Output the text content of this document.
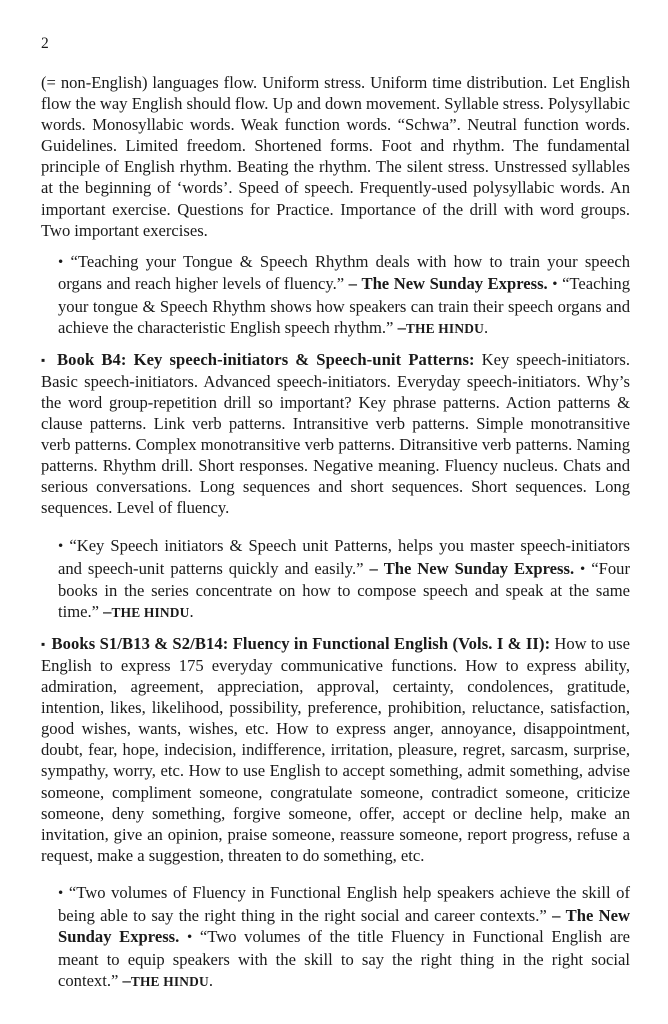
2

(= non-English) languages flow. Uniform stress. Uniform time distribution. Let English flow the way English should flow. Up and down movement. Syllable stress. Polysyllabic words. Monosyllabic words. Weak function words. “Schwa”. Neutral function words. Guidelines. Limited freedom. Shortened forms. Foot and rhythm. The fundamental principle of English rhythm. Beating the rhythm. The silent stress. Unstressed syllables at the beginning of ‘words’. Speed of speech. Frequently-used polysyllabic words. An important exercise. Questions for Practice. Importance of the drill with word groups. Two important exercises.

• “Teaching your Tongue & Speech Rhythm deals with how to train your speech organs and reach higher levels of fluency.” – The New Sunday Express. • “Teaching your tongue & Speech Rhythm shows how speakers can train their speech organs and achieve the characteristic English speech rhythm.” –THE HINDU.

▪ Book B4: Key speech-initiators & Speech-unit Patterns: Key speech-initiators. Basic speech-initiators. Advanced speech-initiators. Everyday speech-initiators. Why’s the word group-repetition drill so important? Key phrase patterns. Action patterns & clause patterns. Link verb patterns. Intransitive verb patterns. Simple monotransitive verb patterns. Complex monotransitive verb patterns. Ditransitive verb patterns. Naming patterns. Rhythm drill. Short responses. Negative meaning. Fluency nucleus. Chats and serious conversations. Long sequences and short sequences. Short sequences. Long sequences. Level of fluency.

• “Key Speech initiators & Speech unit Patterns, helps you master speech-initiators and speech-unit patterns quickly and easily.” – The New Sunday Express. • “Four books in the series concentrate on how to compose speech and speak at the same time.” –THE HINDU.

▪ Books S1/B13 & S2/B14: Fluency in Functional English (Vols. I & II): How to use English to express 175 everyday communicative functions. How to express ability, admiration, agreement, appreciation, approval, certainty, condolences, gratitude, intention, likes, likelihood, possibility, preference, prohibition, reluctance, satisfaction, good wishes, wants, wishes, etc. How to express anger, annoyance, disappointment, doubt, fear, hope, indecision, indifference, irritation, pleasure, regret, sarcasm, surprise, sympathy, worry, etc. How to use English to accept something, admit something, advise someone, compliment someone, congratulate someone, contradict someone, criticize someone, deny something, forgive someone, offer, accept or decline help, make an invitation, give an opinion, praise someone, reassure someone, report progress, refuse a request, make a suggestion, threaten to do something, etc.

• “Two volumes of Fluency in Functional English help speakers achieve the skill of being able to say the right thing in the right social and career contexts.” – The New Sunday Express. • “Two volumes of the title Fluency in Functional English are meant to equip speakers with the skill to say the right thing in the right social context.” –THE HINDU.
